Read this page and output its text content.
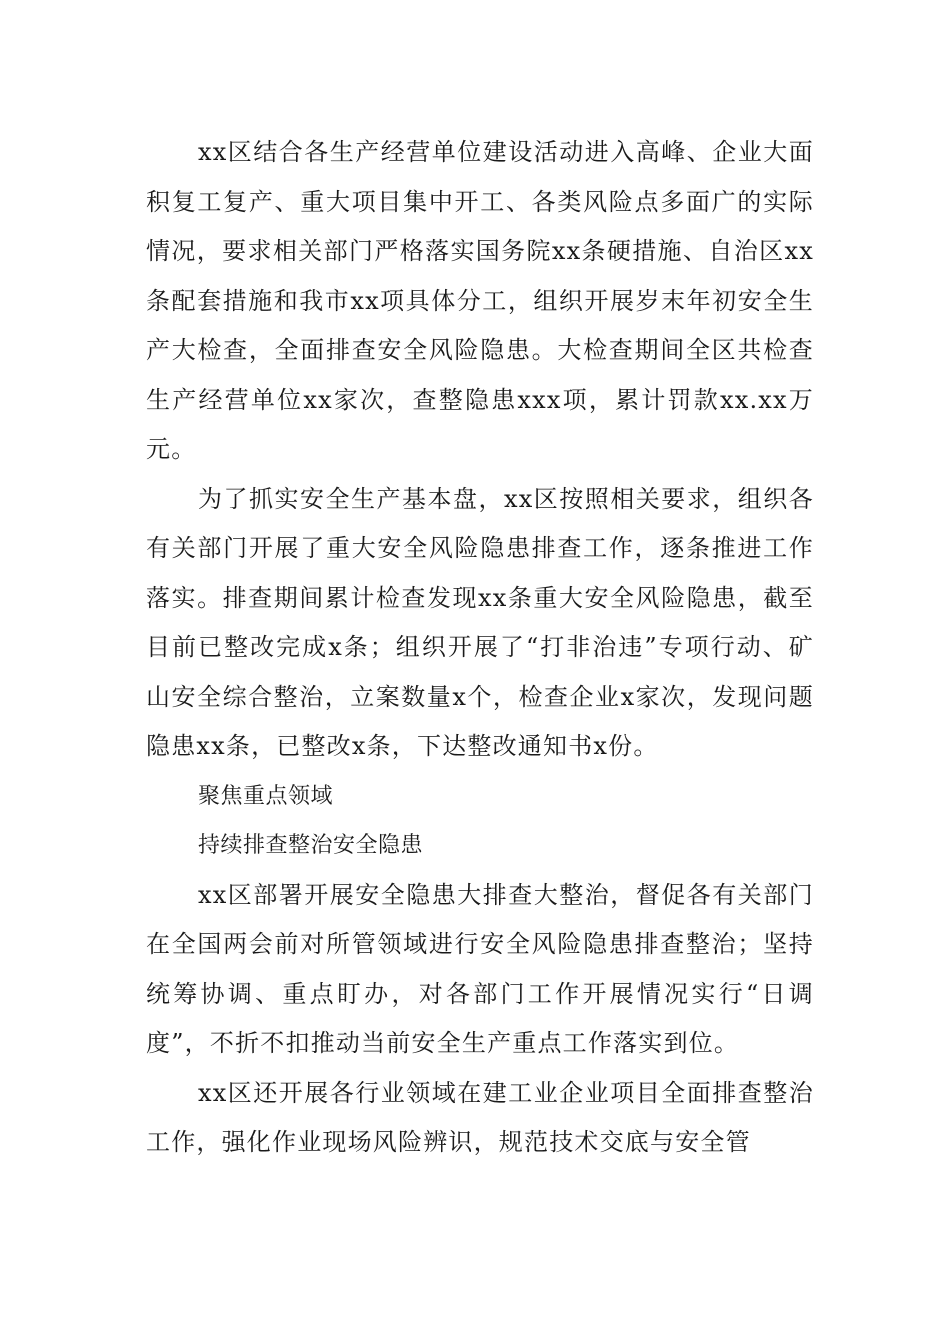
xx区结合各生产经营单位建设活动进入高峰、企业大面积复工复产、重大项目集中开工、各类风险点多面广的实际情况，要求相关部门严格落实国务院xx条硬措施、自治区xx条配套措施和我市xx项具体分工，组织开展岁末年初安全生产大检查，全面排查安全风险隐患。大检查期间全区共检查生产经营单位xx家次，查整隐患xxx项，累计罚款xx.xx万元。

为了抓实安全生产基本盘，xx区按照相关要求，组织各有关部门开展了重大安全风险隐患排查工作，逐条推进工作落实。排查期间累计检查发现xx条重大安全风险隐患，截至目前已整改完成x条；组织开展了“打非治违”专项行动、矿山安全综合整治，立案数量x个，检查企业x家次，发现问题隐患xx条，已整改x条，下达整改通知书x份。

聚焦重点领域

持续排查整治安全隐患

xx区部署开展安全隐患大排查大整治，督促各有关部门在全国两会前对所管领域进行安全风险隐患排查整治；坚持统筹协调、重点盯办，对各部门工作开展情况实行“日调度”，不折不扣推动当前安全生产重点工作落实到位。

xx区还开展各行业领域在建工业企业项目全面排查整治工作，强化作业现场风险辨识，规范技术交底与安全管
